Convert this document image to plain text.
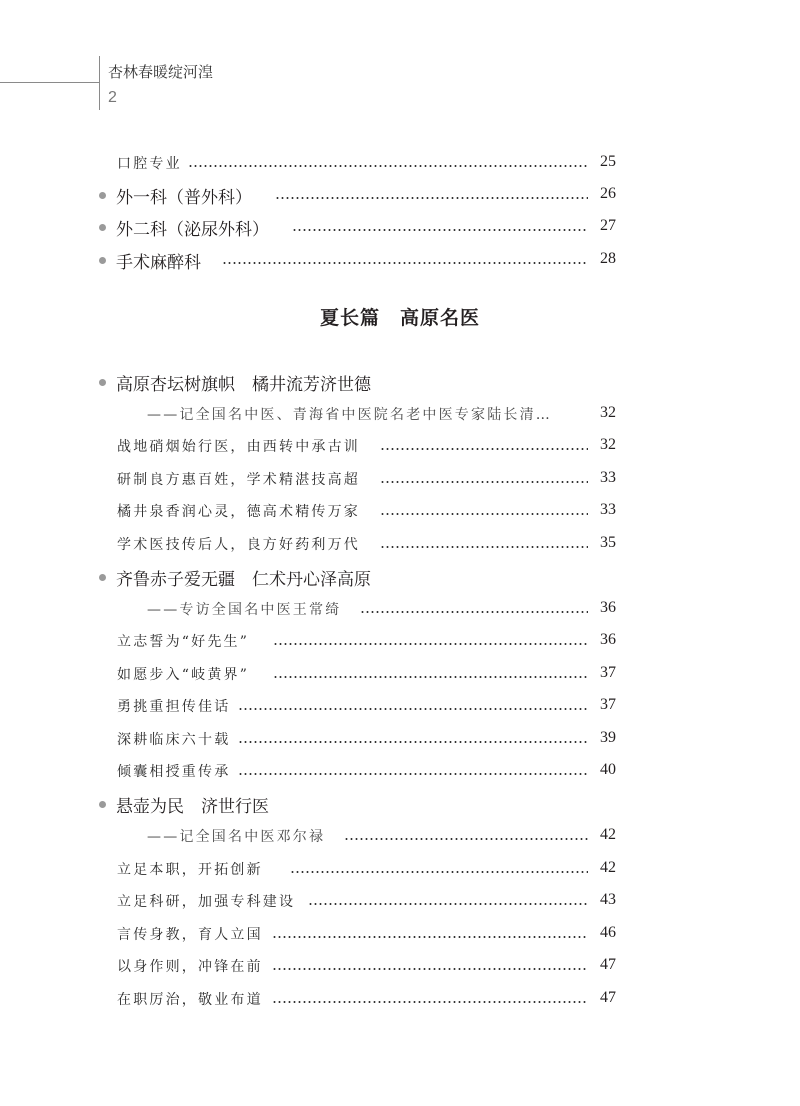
杏林春暖绽河湟
2
夏长篇　高原名医
口腔专业	25
外一科（普外科）	26
外二科（泌尿外科）	27
手术麻醉科	28
高原杏坛树旗帜　橘井流芳济世德
——记全国名中医、青海省中医院名老中医专家陆长清…	32
战地硝烟始行医，由西转中承古训	32
研制良方惠百姓，学术精湛技高超	33
橘井泉香润心灵，德高术精传万家	33
学术医技传后人，良方好药利万代	35
齐鲁赤子爱无疆　仁术丹心泽高原
——专访全国名中医王常绮	36
立志誓为“好先生”	36
如愿步入“岐黄界”	37
勇挑重担传佳话	37
深耕临床六十载	39
倾囊相授重传承	40
悬壶为民　济世行医
——记全国名中医邓尔禄	42
立足本职，开拓创新	42
立足科研，加强专科建设	43
言传身教，育人立国	46
以身作则，冲锋在前	47
在职厉治，敬业布道	47
